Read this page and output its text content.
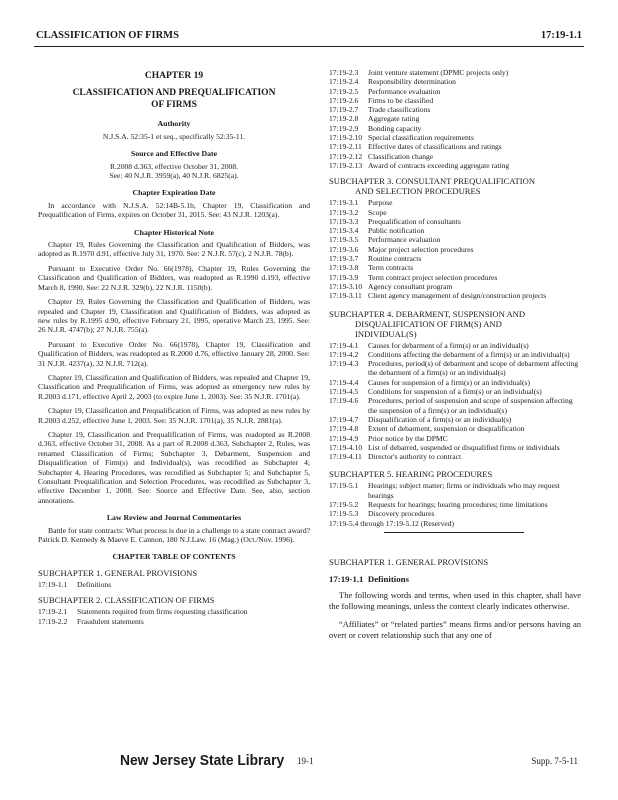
CLASSIFICATION OF FIRMS	17:19-1.1
CHAPTER 19
CLASSIFICATION AND PREQUALIFICATION
OF FIRMS
Authority
N.J.S.A. 52:35-1 et seq., specifically 52:35-11.
Source and Effective Date
R.2008 d.363, effective October 31, 2008.
See: 40 N.J.R. 3959(a), 40 N.J.R. 6825(a).
Chapter Expiration Date

In accordance with N.J.S.A. 52:14B-5.1b, Chapter 19, Classification and Prequalification of Firms, expires on October 31, 2015. See: 43 N.J.R. 1203(a).

Chapter Historical Note

Chapter 19, Rules Governing the Classification and Qualification of Bidders, was adopted as R.1970 d.91, effective July 31, 1970. See: 2 N.J.R. 57(c), 2 N.J.R. 78(b).

Pursuant to Executive Order No. 66(1978), Chapter 19, Rules Governing the Classification and Qualification of Bidders, was readopted as R.1990 d.193, effective March 8, 1990. See: 22 N.J.R. 329(b), 22 N.J.R. 1150(b).

Chapter 19, Rules Governing the Classification and Qualification of Bidders, was repealed and Chapter 19, Classification and Qualification of Bidders, was adopted as new rules by R.1995 d.90, effective February 21, 1995, operative March 23, 1995. See: 26 N.J.R. 4747(b); 27 N.J.R. 755(a).

Pursuant to Executive Order No. 66(1978), Chapter 19, Classification and Qualification of Bidders, was readopted as R.2000 d.76, effective January 28, 2000. See: 31 N.J.R. 4237(a), 32 N.J.R. 712(a).

Chapter 19, Classification and Qualification of Bidders, was repealed and Chapter 19, Classification and Prequalification of Firms, was adopted as emergency new rules by R.2003 d.171, effective April 2, 2003 (to expire June 1, 2003). See: 35 N.J.R. 1701(a).

Chapter 19, Classification and Prequalification of Firms, was adopted as new rules by R.2003 d.252, effective June 1, 2003. See: 35 N.J.R. 1701(a), 35 N.J.R. 2881(a).

Chapter 19, Classification and Prequalification of Firms, was readopted as R.2008 d.363, effective October 31, 2008. As a part of R.2008 d.363, Subchapter 2, Rules, was renamed Classification of Firms; Subchapter 3, Debarment, Suspension and Disqualification of Firm(s) and Individual(s), was recodified as Subchapter 4; Subchapter 4, Hearing Procedures, was recodified as Subchapter 5; and Subchapter 5, Consultant Prequalification and Selection Procedures, was recodified as Subchapter 3, effective December 1, 2008. See: Source and Effective Date. See, also, section annotations.

Law Review and Journal Commentaries

Battle for state contracts: What process is due in a challenge to a state contract award? Patrick D. Kennedy & Maeve E. Cannon, 180 N.J.Law. 16 (Mag.) (Oct./Nov. 1996).

CHAPTER TABLE OF CONTENTS
SUBCHAPTER 1. GENERAL PROVISIONS
17:19-1.1	Definitions
SUBCHAPTER 2. CLASSIFICATION OF FIRMS
17:19-2.1	Statements required from firms requesting classification
17:19-2.2	Fraudulent statements
17:19-2.3	Joint venture statement (DPMC projects only)
17:19-2.4	Responsibility determination
17:19-2.5	Performance evaluation
17:19-2.6	Firms to be classified
17:19-2.7	Trade classifications
17:19-2.8	Aggregate rating
17:19-2.9	Bonding capacity
17:19-2.10 Special classification requirements
17:19-2.11 Effective dates of classifications and ratings
17:19-2.12 Classification change
17:19-2.13 Award of contracts exceeding aggregate rating
SUBCHAPTER 3. CONSULTANT PREQUALIFICATION
AND SELECTION PROCEDURES
17:19-3.1	Purpose
17:19-3.2	Scope
17:19-3.3	Prequalification of consultants
17:19-3.4	Public notification
17:19-3.5	Performance evaluation
17:19-3.6	Major project selection procedures
17:19-3.7	Routine contracts
17:19-3.8	Term contracts
17:19-3.9	Term contract project selection procedures
17:19-3.10 Agency consultant program
17:19-3.11 Client agency management of design/construction projects
SUBCHAPTER 4. DEBARMENT, SUSPENSION AND
DISQUALIFICATION OF FIRM(S) AND
INDIVIDUAL(S)
17:19-4.1	Causes for debarment of a firm(s) or an individual(s)
17:19-4.2	Conditions affecting the debarment of a firm(s) or an individual(s)
17:19-4.3	Procedures, period(s) of debarment and scope of debarment affecting the debarment of a firm(s) or an individual(s)
17:19-4.4	Causes for suspension of a firm(s) or an individual(s)
17:19-4.5	Conditions for suspension of a firm(s) or an individual(s)
17:19-4.6	Procedures, period of suspension and scope of suspension affecting the suspension of a firm(s) or an individual(s)
17:19-4.7	Disqualification of a firm(s) or an individual(s)
17:19-4.8	Extent of debarment, suspension or disqualification
17:19-4.9	Prior notice by the DPMC
17:19-4.10 List of debarred, suspended or disqualified firms or individuals
17:19-4.11 Director's authority to contract
SUBCHAPTER 5. HEARING PROCEDURES
17:19-5.1	Hearings; subject matter; firms or individuals who may request hearings
17:19-5.2	Requests for hearings; hearing procedures; time limitations
17:19-5.3	Discovery procedures
17:19-5.4 through 17:19-5.12 (Reserved)
SUBCHAPTER 1. GENERAL PROVISIONS
17:19-1.1 Definitions

The following words and terms, when used in this chapter, shall have the following meanings, unless the context clearly indicates otherwise.

“Affiliates” or “related parties” means firms and/or persons having an overt or covert relationship such that any one of

New Jersey State Library 19-1	Supp. 7-5-11
